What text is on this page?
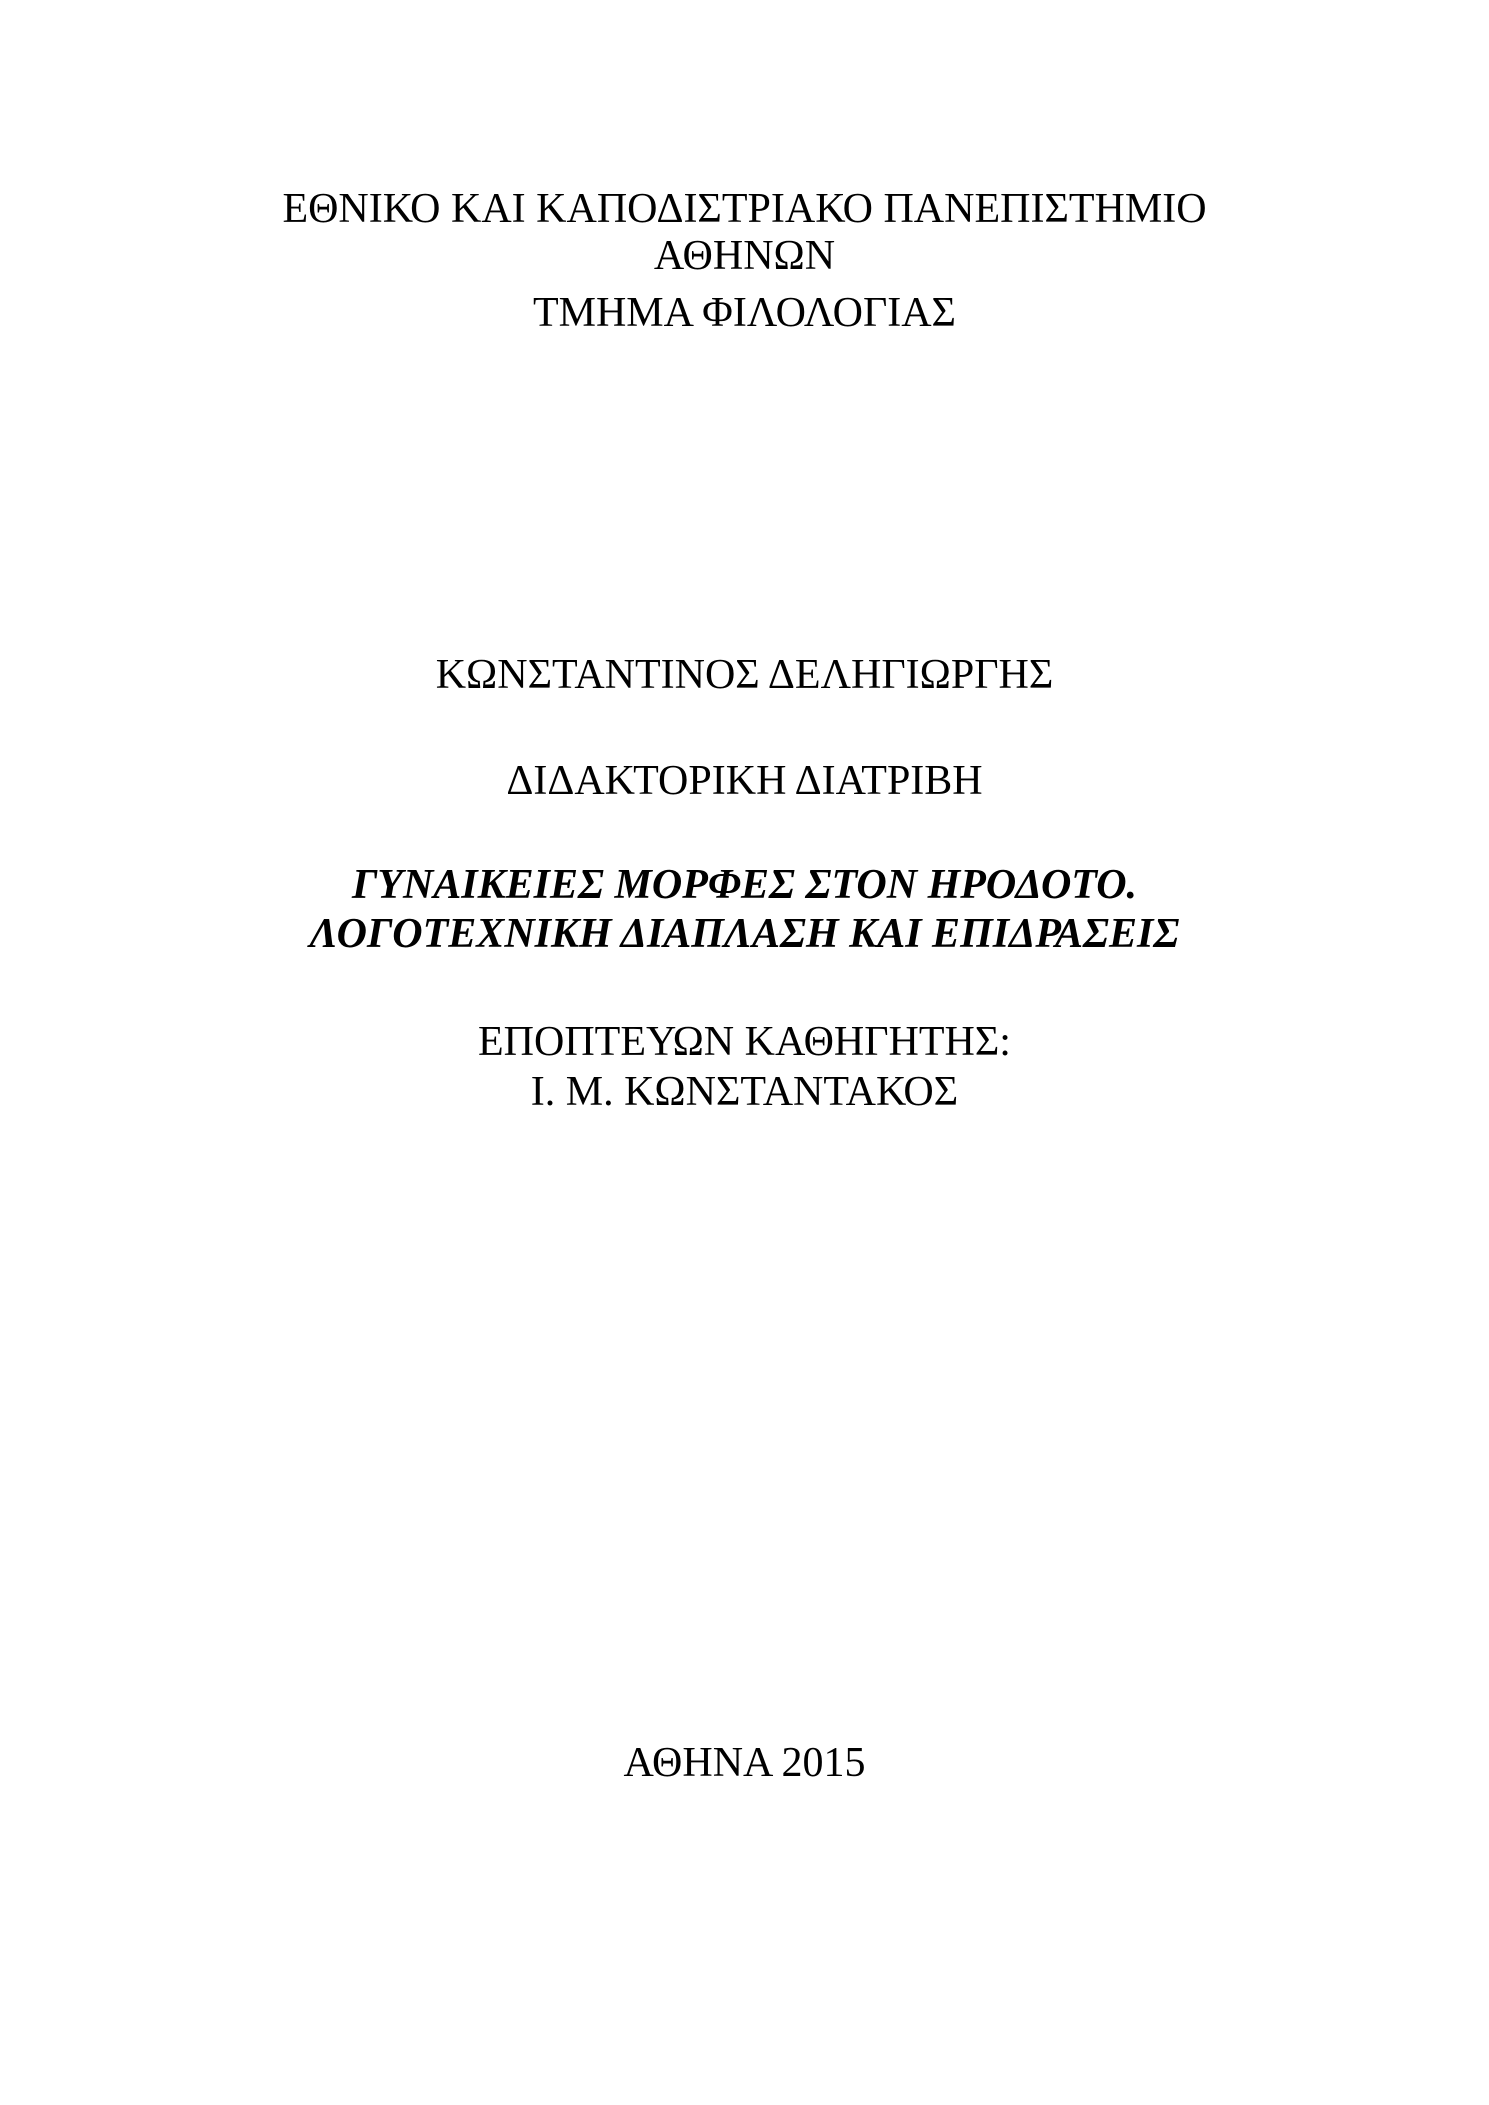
ΕΘΝΙΚΟ ΚΑΙ ΚΑΠΟΔΙΣΤΡΙΑΚΟ ΠΑΝΕΠΙΣΤΗΜΙΟ
ΑΘΗΝΩΝ
ΤΜΗΜΑ ΦΙΛΟΛΟΓΙΑΣ
ΚΩΝΣΤΑΝΤΙΝΟΣ ΔΕΛΗΓΙΩΡΓΗΣ
ΔΙΔΑΚΤΟΡΙΚΗ ΔΙΑΤΡΙΒΗ
ΓΥΝΑΙΚΕΙΕΣ ΜΟΡΦΕΣ ΣΤΟΝ ΗΡΟΔΟΤΟ.
ΛΟΓΟΤΕΧΝΙΚΗ ΔΙΑΠΛΑΣΗ ΚΑΙ ΕΠΙΔΡΑΣΕΙΣ
ΕΠΟΠΤΕΥΩΝ ΚΑΘΗΓΗΤΗΣ:
Ι. Μ. ΚΩΝΣΤΑΝΤΑΚΟΣ
ΑΘΗΝΑ 2015
